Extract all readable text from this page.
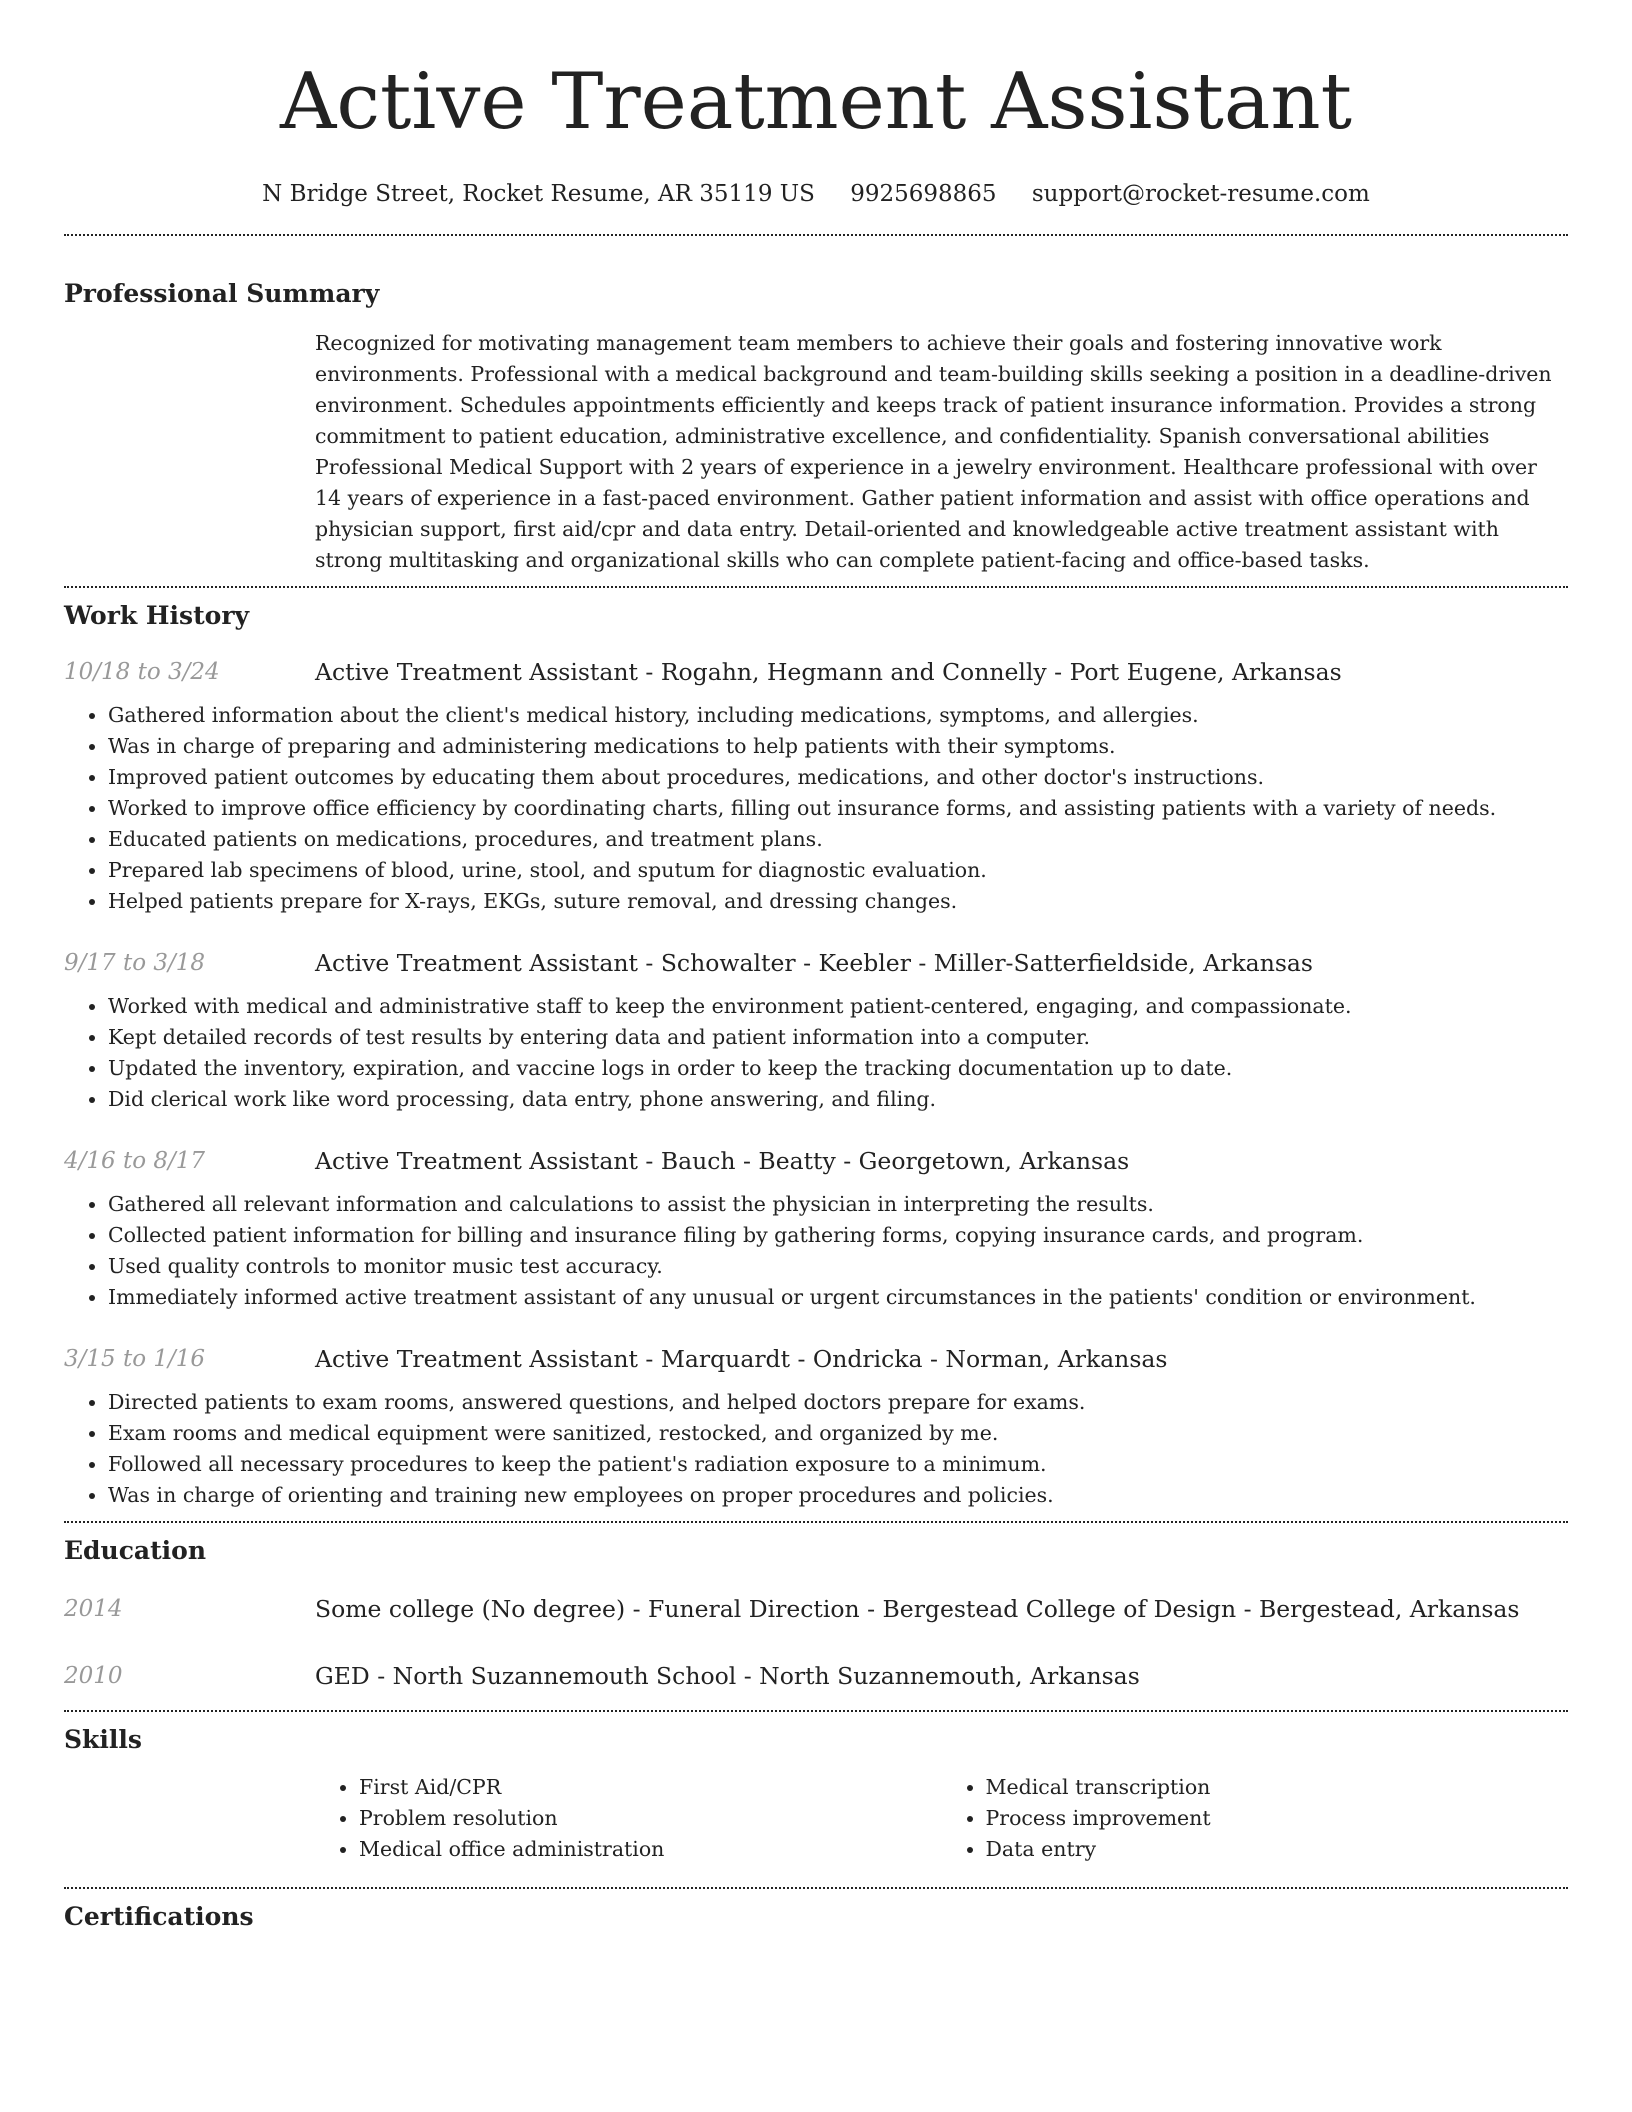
Active Treatment Assistant
N Bridge Street, Rocket Resume, AR 35119 US 9925698865 support@rocket-resume.com
Professional Summary

Recognized for motivating management team members to achieve their goals and fostering innovative work environments. Professional with a medical background and team-building skills seeking a position in a deadline-driven environment. Schedules appointments efficiently and keeps track of patient insurance information. Provides a strong commitment to patient education, administrative excellence, and confidentiality. Spanish conversational abilities Professional Medical Support with 2 years of experience in a jewelry environment. Healthcare professional with over 14 years of experience in a fast-paced environment. Gather patient information and assist with office operations and physician support, first aid/cpr and data entry. Detail-oriented and knowledgeable active treatment assistant with strong multitasking and organizational skills who can complete patient-facing and office-based tasks.

Work History
10/18 to 3/24	Active Treatment Assistant - Rogahn, Hegmann and Connelly - Port Eugene, Arkansas
• Gathered information about the client's medical history, including medications, symptoms, and allergies.
• Was in charge of preparing and administering medications to help patients with their symptoms.
• Improved patient outcomes by educating them about procedures, medications, and other doctor's instructions.
• Worked to improve office efficiency by coordinating charts, filling out insurance forms, and assisting patients with a variety of needs.
• Educated patients on medications, procedures, and treatment plans.
• Prepared lab specimens of blood, urine, stool, and sputum for diagnostic evaluation.
• Helped patients prepare for X-rays, EKGs, suture removal, and dressing changes.
9/17 to 3/18	Active Treatment Assistant - Schowalter - Keebler - Miller-Satterfieldside, Arkansas
• Worked with medical and administrative staff to keep the environment patient-centered, engaging, and compassionate.
• Kept detailed records of test results by entering data and patient information into a computer.
• Updated the inventory, expiration, and vaccine logs in order to keep the tracking documentation up to date.
• Did clerical work like word processing, data entry, phone answering, and filing.
4/16 to 8/17	Active Treatment Assistant - Bauch - Beatty - Georgetown, Arkansas
• Gathered all relevant information and calculations to assist the physician in interpreting the results.
• Collected patient information for billing and insurance filing by gathering forms, copying insurance cards, and program.
• Used quality controls to monitor music test accuracy.
• Immediately informed active treatment assistant of any unusual or urgent circumstances in the patients' condition or environment.
3/15 to 1/16	Active Treatment Assistant - Marquardt - Ondricka - Norman, Arkansas
• Directed patients to exam rooms, answered questions, and helped doctors prepare for exams.
• Exam rooms and medical equipment were sanitized, restocked, and organized by me.
• Followed all necessary procedures to keep the patient's radiation exposure to a minimum.
• Was in charge of orienting and training new employees on proper procedures and policies.
Education
2014	Some college (No degree) - Funeral Direction - Bergestead College of Design - Bergestead, Arkansas
2010	GED - North Suzannemouth School - North Suzannemouth, Arkansas
Skills
• First Aid/CPR
• Problem resolution
• Medical office administration
• Medical transcription
• Process improvement
• Data entry
Certifications
